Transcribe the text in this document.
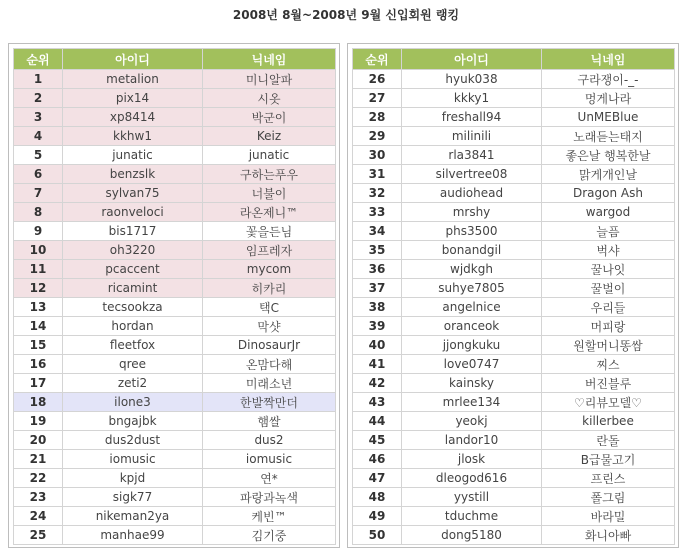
2008년 8월~2008년 9월 신입회원 랭킹
순위	아이디	닉네임
1	metalion	미니알파
2	pix14	시옷
3	xp8414	박군이
4	kkhw1	Keiz
5	junatic	junatic
6	benzslk	구하는푸우
7	sylvan75	너불이
8	raonveloci	라온제니™
9	bis1717	꽃을든님
10	oh3220	임프레자
11	pcaccent	mycom
12	ricamint	히카리
13	tecsookza	택C
14	hordan	막샷
15	fleetfox	DinosaurJr
16	qree	온맘다해
17	zeti2	미래소년
18	ilone3	한발짝만더
19	bngajbk	햄쌀
20	dus2dust	dus2
21	iomusic	iomusic
22	kpjd	연*
23	sigk77	파랑과녹색
24	nikeman2ya	케빈™
25	manhae99	김기중
순위	아이디	닉네임
26	hyuk038	구라쟁이-_-
27	kkky1	멍게나라
28	freshall94	UnMEBlue
29	milinili	노래듣는태지
30	rla3841	좋은날 행복한날
31	silvertree08	맑게개인날
32	audiohead	Dragon Ash
33	mrshy	wargod
34	phs3500	늘픔
35	bonandgil	벅샤
36	wjdkgh	꿀나잇
37	suhye7805	꿀벌이
38	angelnice	우리들
39	oranceok	머피랑
40	jjongkuku	원할머니똥쌈
41	love0747	찌스
42	kainsky	버진블루
43	mrlee134	♡리뷰모델♡
44	yeokj	killerbee
45	landor10	란돌
46	jlosk	B급물고기
47	dleogod616	프린스
48	yystill	폴그림
49	tduchme	바라밀
50	dong5180	화니아빠
